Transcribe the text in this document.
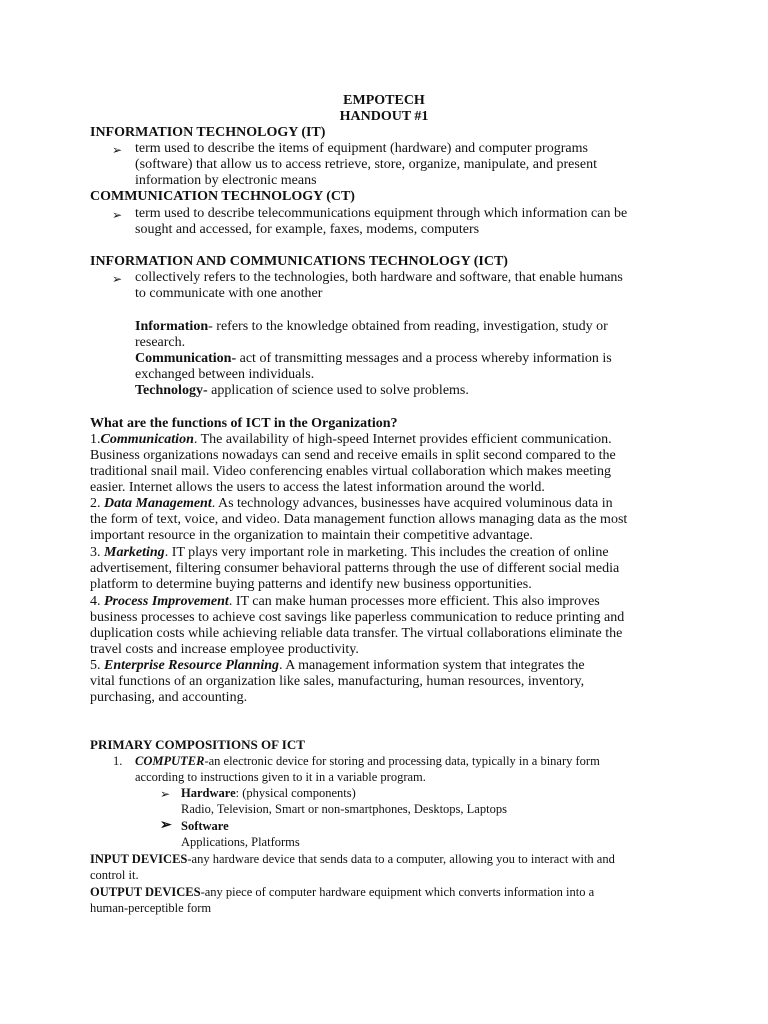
EMPOTECH
HANDOUT #1
INFORMATION TECHNOLOGY (IT)
➢ term used to describe the items of equipment (hardware) and computer programs
(software) that allow us to access retrieve, store, organize, manipulate, and present
information by electronic means
COMMUNICATION TECHNOLOGY (CT)
➢ term used to describe telecommunications equipment through which information can be
sought and accessed, for example, faxes, modems, computers
INFORMATION AND COMMUNICATIONS TECHNOLOGY (ICT)
➢ collectively refers to the technologies, both hardware and software, that enable humans
to communicate with one another
Information- refers to the knowledge obtained from reading, investigation, study or
research.
Communication- act of transmitting messages and a process whereby information is
exchanged between individuals.
Technology- application of science used to solve problems.
What are the functions of ICT in the Organization?
1.Communication. The availability of high-speed Internet provides efficient communication.
Business organizations nowadays can send and receive emails in split second compared to the
traditional snail mail. Video conferencing enables virtual collaboration which makes meeting
easier. Internet allows the users to access the latest information around the world.
2. Data Management. As technology advances, businesses have acquired voluminous data in
the form of text, voice, and video. Data management function allows managing data as the most
important resource in the organization to maintain their competitive advantage.
3. Marketing. IT plays very important role in marketing. This includes the creation of online
advertisement, filtering consumer behavioral patterns through the use of different social media
platform to determine buying patterns and identify new business opportunities.
4. Process Improvement. IT can make human processes more efficient. This also improves
business processes to achieve cost savings like paperless communication to reduce printing and
duplication costs while achieving reliable data transfer. The virtual collaborations eliminate the
travel costs and increase employee productivity.
5. Enterprise Resource Planning. A management information system that integrates the
vital functions of an organization like sales, manufacturing, human resources, inventory,
purchasing, and accounting.
PRIMARY COMPOSITIONS OF ICT
1. COMPUTER-an electronic device for storing and processing data, typically in a binary form
according to instructions given to it in a variable program.
➢ Hardware: (physical components)
Radio, Television, Smart or non-smartphones, Desktops, Laptops
➢ Software
Applications, Platforms
INPUT DEVICES-any hardware device that sends data to a computer, allowing you to interact with and
control it.
OUTPUT DEVICES-any piece of computer hardware equipment which converts information into a
human-perceptible form
